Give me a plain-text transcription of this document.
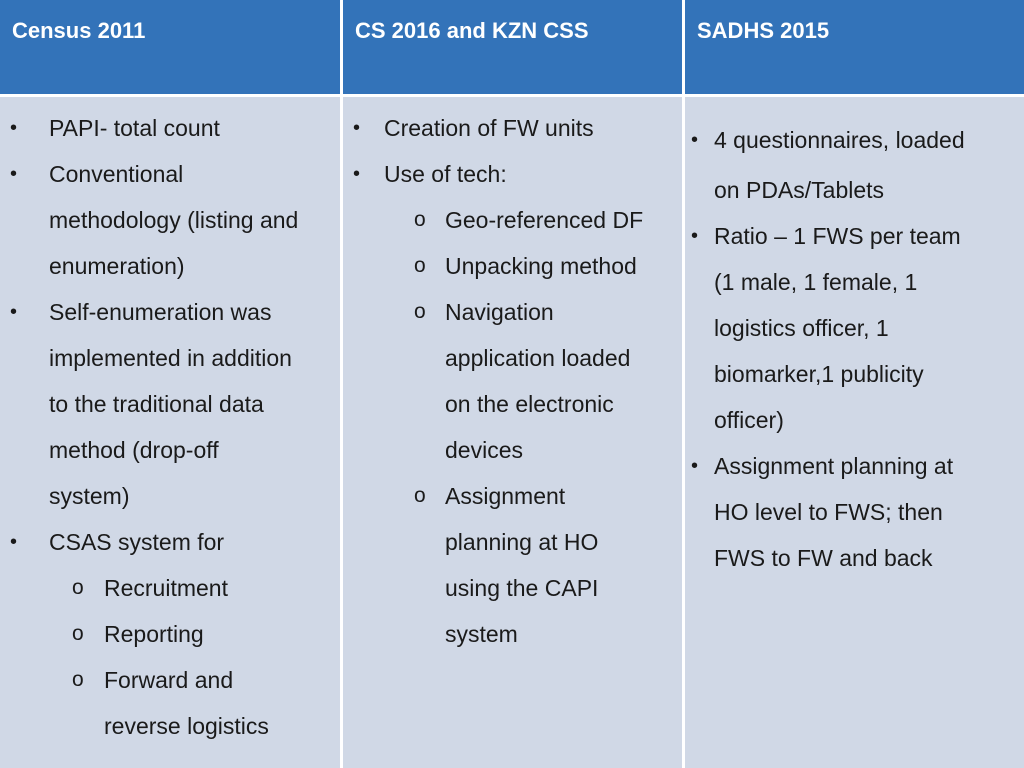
Census 2011	CS 2016 and KZN CSS	SADHS 2015
• PAPI- total count
• Conventional
methodology (listing and
enumeration)
• Self-enumeration was
implemented in addition
to the traditional data
method (drop-off
system)
• CSAS system for
o Recruitment
o Reporting
o Forward and
reverse logistics
• Creation of FW units
• Use of tech:
o Geo-referenced DF
o Unpacking method
o Navigation
application loaded
on the electronic
devices
o Assignment
planning at HO
using the CAPI
system
• 4 questionnaires, loaded
on PDAs/Tablets
• Ratio – 1 FWS per team
(1 male, 1 female, 1
logistics officer, 1
biomarker,1 publicity
officer)
• Assignment planning at
HO level to FWS; then
FWS to FW and back
